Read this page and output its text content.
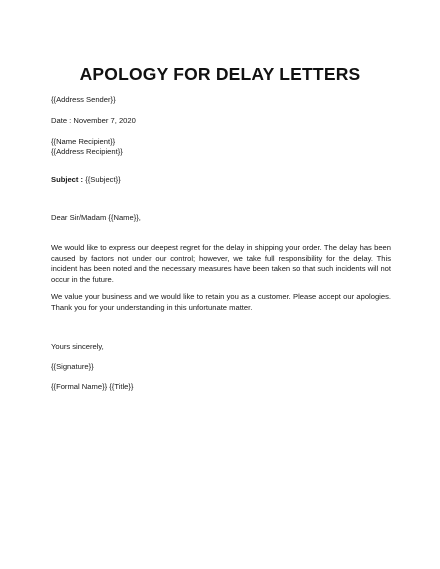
APOLOGY FOR DELAY LETTERS

{{Address Sender}}

Date : November 7, 2020

{{Name Recipient}}

{{Address Recipient}}

Subject : {{Subject}}

Dear Sir/Madam {{Name}},

We would like to express our deepest regret for the delay in shipping your order. The delay has been caused by factors not under our control; however, we take full responsibility for the delay. This incident has been noted and the necessary measures have been taken so that such incidents will not occur in the future.

We value your business and we would like to retain you as a customer. Please accept our apologies. Thank you for your understanding in this unfortunate matter.

Yours sincerely,

{{Signature}}

{{Formal Name}} {{Title}}
